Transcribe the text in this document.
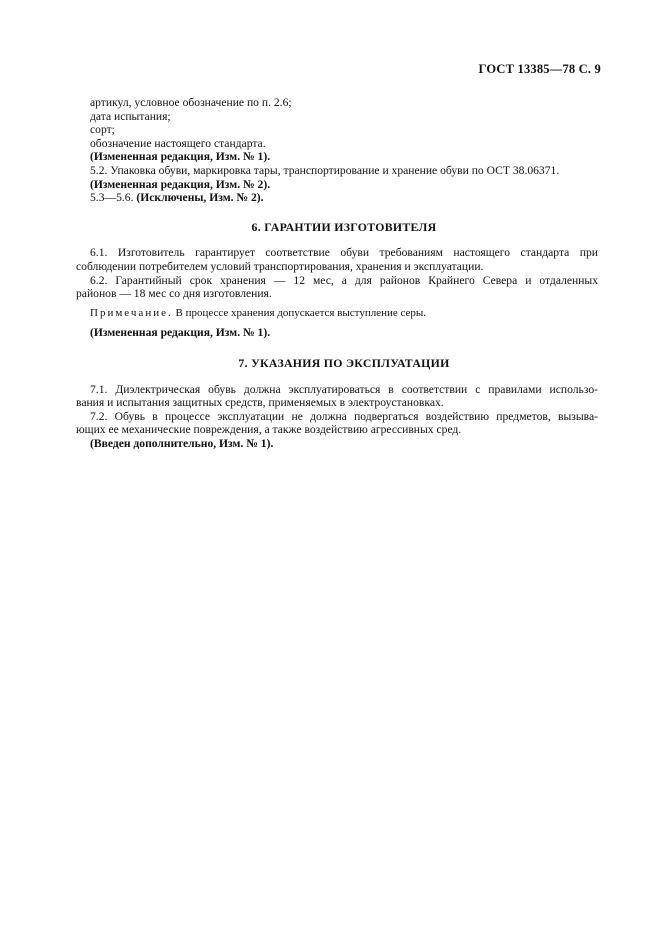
ГОСТ 13385—78 С. 9

артикул, условное обозначение по п. 2.6;

дата испытания;

сорт;

обозначение настоящего стандарта.

(Измененная редакция, Изм. № 1).

5.2. Упаковка обуви, маркировка тары, транспортирование и хранение обуви по ОСТ 38.06371.

(Измененная редакция, Изм. № 2).

5.3—5.6. (Исключены, Изм. № 2).

6. ГАРАНТИИ ИЗГОТОВИТЕЛЯ

6.1. Изготовитель гарантирует соответствие обуви требованиям настоящего стандарта при
соблюдении потребителем условий транспортирования, хранения и эксплуатации.

6.2. Гарантийный срок хранения — 12 мес, а для районов Крайнего Севера и отдаленных
районов — 18 мес со дня изготовления.

Примечание. В процессе хранения допускается выступление серы.

(Измененная редакция, Изм. № 1).

7. УКАЗАНИЯ ПО ЭКСПЛУАТАЦИИ

7.1. Диэлектрическая обувь должна эксплуатироваться в соответствии с правилами использо-
вания и испытания защитных средств, применяемых в электроустановках.

7.2. Обувь в процессе эксплуатации не должна подвергаться воздействию предметов, вызыва-
ющих ее механические повреждения, а также воздействию агрессивных сред.

(Введен дополнительно, Изм. № 1).
